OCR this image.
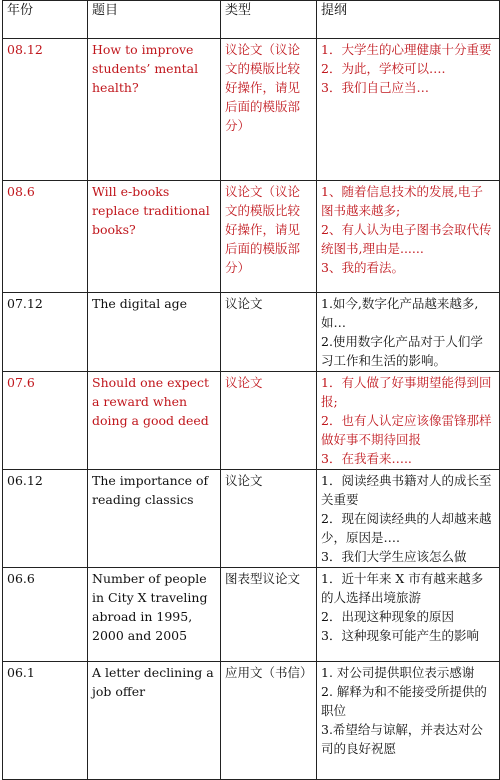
年份	题目	类型	提纲
08.12	How to improve students’ mental health?	议论文（议论文的模版比较好操作，请见后面的模版部分）	1．大学生的心理健康十分重要
2．为此，学校可以….
3．我们自己应当…

08.6	Will e-books replace traditional books?	议论文（议论文的模版比较好操作，请见后面的模版部分）	1、随着信息技术的发展,电子图书越来越多;
2、有人认为电子图书会取代传统图书,理由是......
3、我的看法。

07.12	The digital age	议论文	1.如今,数字化产品越来越多,如…
2.使用数字化产品对于人们学习工作和生活的影响。

07.6	Should one expect a reward when doing a good deed	议论文	1．有人做了好事期望能得到回报;
2．也有人认定应该像雷锋那样做好事不期待回报
3．在我看来…..

06.12	The importance of reading classics	议论文	1．阅读经典书籍对人的成长至关重要
2．现在阅读经典的人却越来越少，原因是….
3．我们大学生应该怎么做

06.6	Number of people in City X traveling abroad in 1995, 2000 and 2005	图表型议论文	1．近十年来 X 市有越来越多的人选择出境旅游
2．出现这种现象的原因
3．这种现象可能产生的影响

06.1	A letter declining a job offer	应用文（书信）	1. 对公司提供职位表示感谢
2. 解释为和不能接受所提供的职位
3.希望给与谅解，并表达对公司的良好祝愿
